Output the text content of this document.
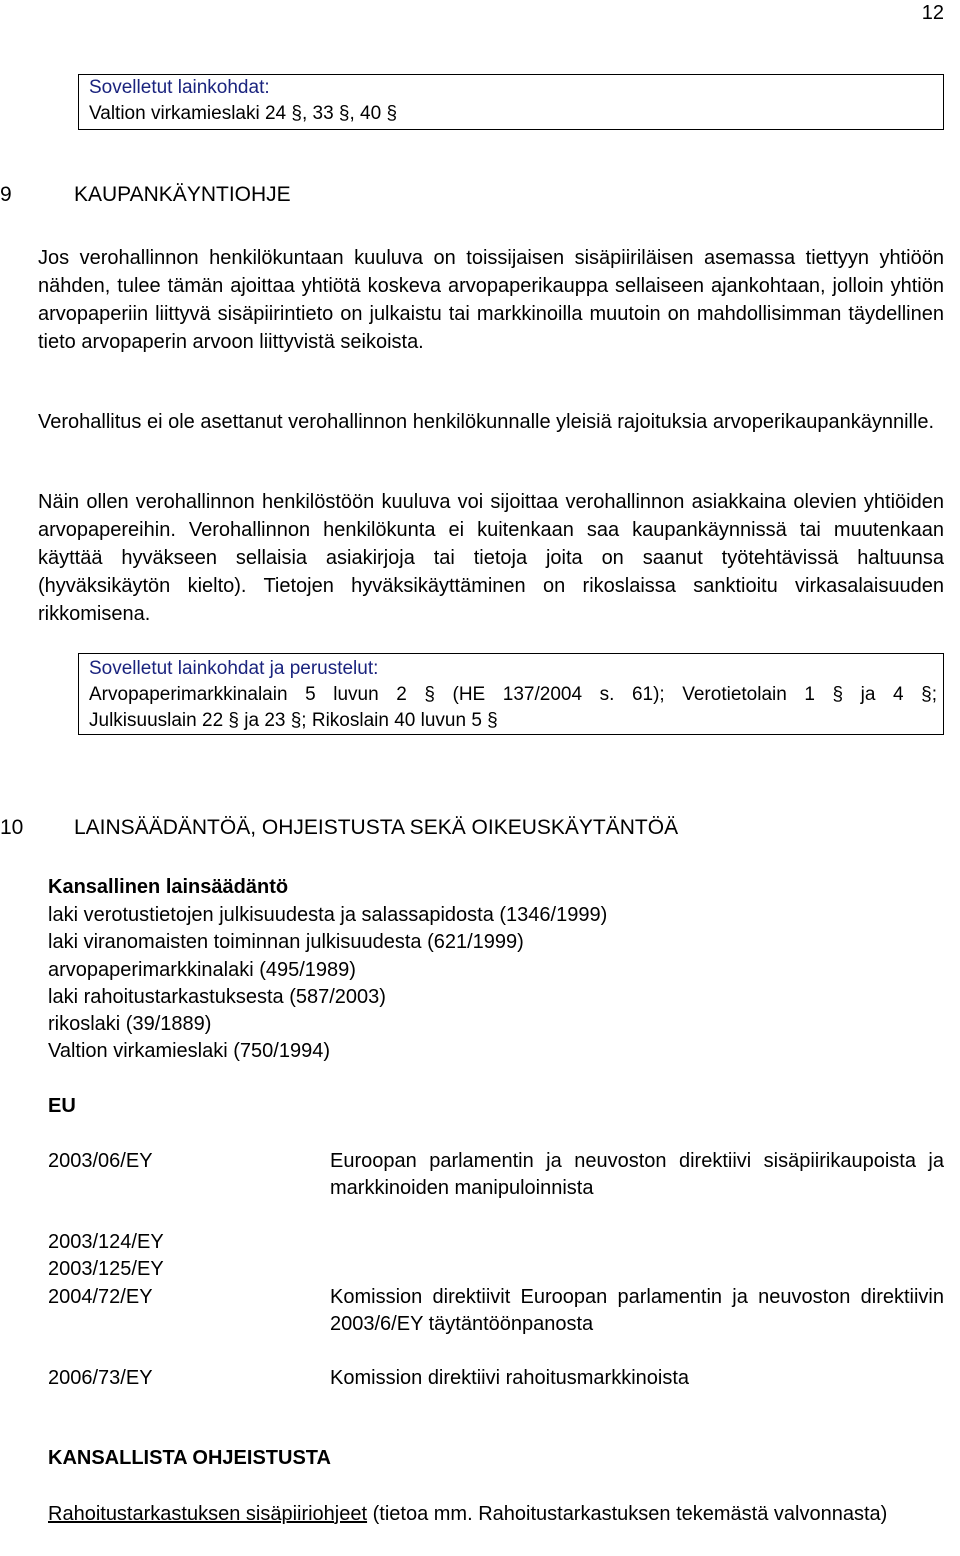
12
Sovelletut lainkohdat:
Valtion virkamieslaki 24 §, 33 §, 40 §
9	KAUPANKÄYNTIOHJE

Jos verohallinnon henkilökuntaan kuuluva on toissijaisen sisäpiiriläisen asemassa tiettyyn yhtiöön nähden, tulee tämän ajoittaa yhtiötä koskeva arvopaperikauppa sellaiseen ajankohtaan, jolloin yhtiön arvopaperiin liittyvä sisäpiirintieto on julkaistu tai markkinoilla muutoin on mahdollisimman täydellinen tieto arvopaperin arvoon liittyvistä seikoista.

Verohallitus ei ole asettanut verohallinnon henkilökunnalle yleisiä rajoituksia arvoperikaupankäynnille.

Näin ollen verohallinnon henkilöstöön kuuluva voi sijoittaa verohallinnon asiakkaina olevien yhtiöiden arvopapereihin. Verohallinnon henkilökunta ei kuitenkaan saa kaupankäynnissä tai muutenkaan käyttää hyväkseen sellaisia asiakirjoja tai tietoja joita on saanut työtehtävissä haltuunsa (hyväksikäytön kielto). Tietojen hyväksikäyttäminen on rikoslaissa sanktioitu virkasalaisuuden rikkomisena.

Sovelletut lainkohdat ja perustelut:
Arvopaperimarkkinalain 5 luvun 2 § (HE 137/2004 s. 61); Verotietolain 1 § ja 4 §;
Julkisuuslain 22 § ja 23 §; Rikoslain 40 luvun 5 §
10 LAINSÄÄDÄNTÖÄ, OHJEISTUSTA SEKÄ OIKEUSKÄYTÄNTÖÄ
Kansallinen lainsäädäntö
laki verotustietojen julkisuudesta ja salassapidosta (1346/1999)
laki viranomaisten toiminnan julkisuudesta (621/1999)
arvopaperimarkkinalaki (495/1989)
laki rahoitustarkastuksesta (587/2003)
rikoslaki (39/1889)
Valtion virkamieslaki (750/1994)
EU
2003/06/EY	Euroopan parlamentin ja neuvoston direktiivi sisäpiirikaupoista ja markkinoiden manipuloinnista
2003/124/EY
2003/125/EY
2004/72/EY	Komission direktiivit Euroopan parlamentin ja neuvoston direktiivin 2003/6/EY täytäntöönpanosta
2006/73/EY	Komission direktiivi rahoitusmarkkinoista
KANSALLISTA OHJEISTUSTA
Rahoitustarkastuksen sisäpiiriohjeet (tietoa mm. Rahoitustarkastuksen tekemästä valvonnasta)
